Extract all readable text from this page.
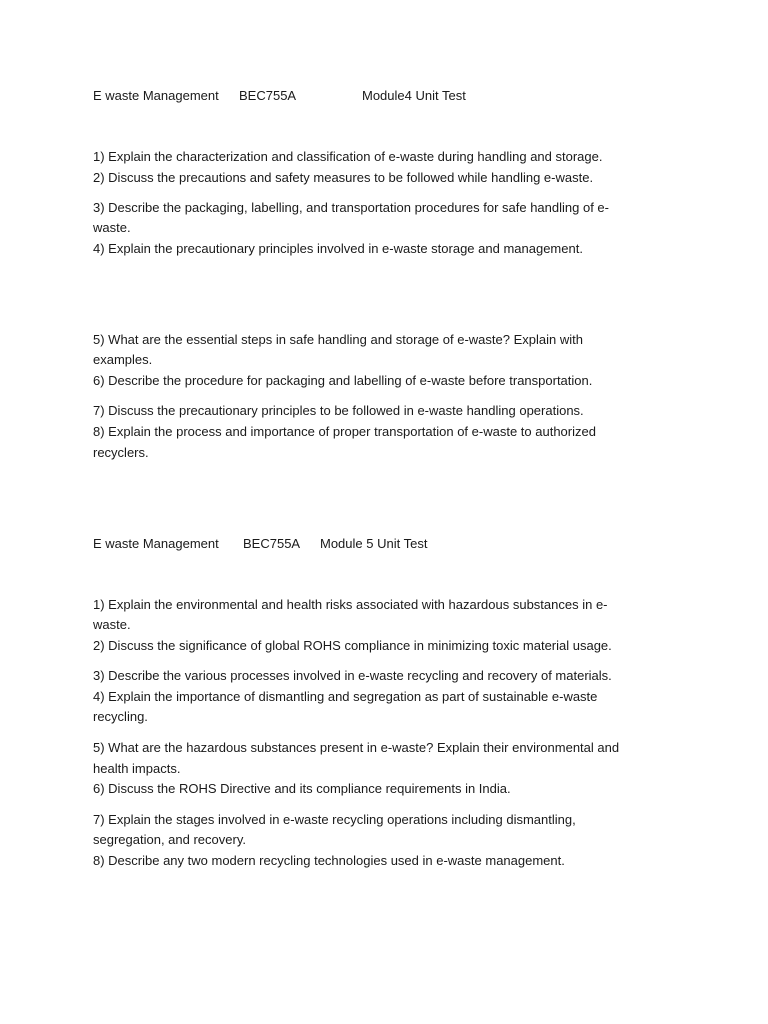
E waste Management BEC755A	Module4 Unit Test
1) Explain the characterization and classification of e-waste during handling and storage.
2) Discuss the precautions and safety measures to be followed while handling e-waste.
3) Describe the packaging, labelling, and transportation procedures for safe handling of e-
waste.
4) Explain the precautionary principles involved in e-waste storage and management.
5) What are the essential steps in safe handling and storage of e-waste? Explain with
examples.
6) Describe the procedure for packaging and labelling of e-waste before transportation.
7) Discuss the precautionary principles to be followed in e-waste handling operations.
8) Explain the process and importance of proper transportation of e-waste to authorized
recyclers.
E waste Management BEC755A Module 5 Unit Test
1) Explain the environmental and health risks associated with hazardous substances in e-
waste.
2) Discuss the significance of global ROHS compliance in minimizing toxic material usage.
3) Describe the various processes involved in e-waste recycling and recovery of materials.
4) Explain the importance of dismantling and segregation as part of sustainable e-waste
recycling.
5) What are the hazardous substances present in e-waste? Explain their environmental and
health impacts.
6) Discuss the ROHS Directive and its compliance requirements in India.
7) Explain the stages involved in e-waste recycling operations including dismantling,
segregation, and recovery.
8) Describe any two modern recycling technologies used in e-waste management.
